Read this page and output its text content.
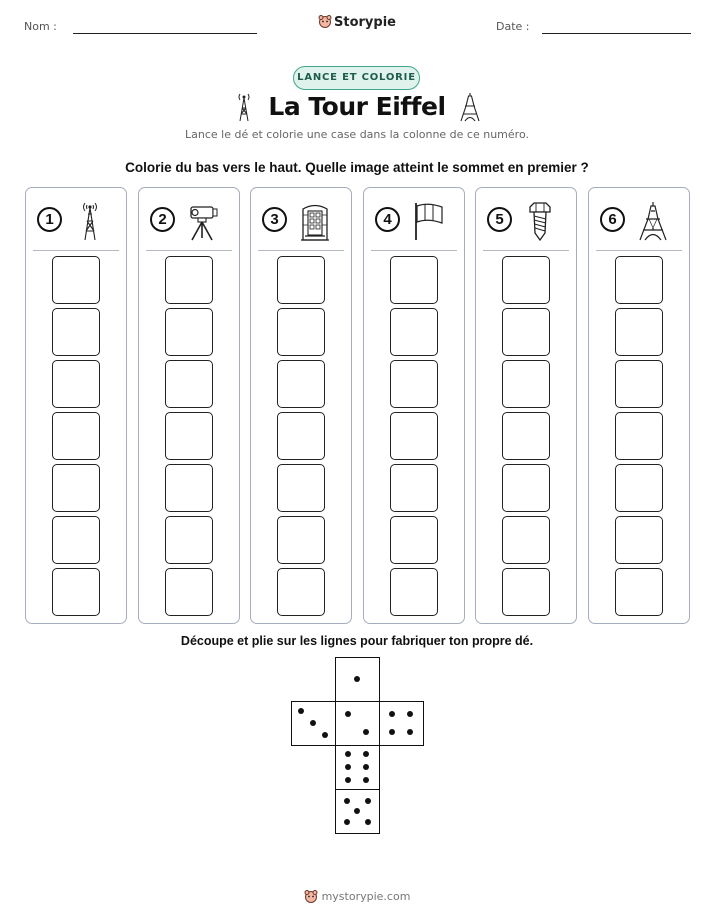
Nom :	Storypie	Date :
LANCE ET COLORIE
La Tour Eiffel
Lance le dé et colorie une case dans la colonne de ce numéro.
Colorie du bas vers le haut. Quelle image atteint le sommet en premier ?
1	2	3	4	5	6
Découpe et plie sur les lignes pour fabriquer ton propre dé.
mystorypie.com
